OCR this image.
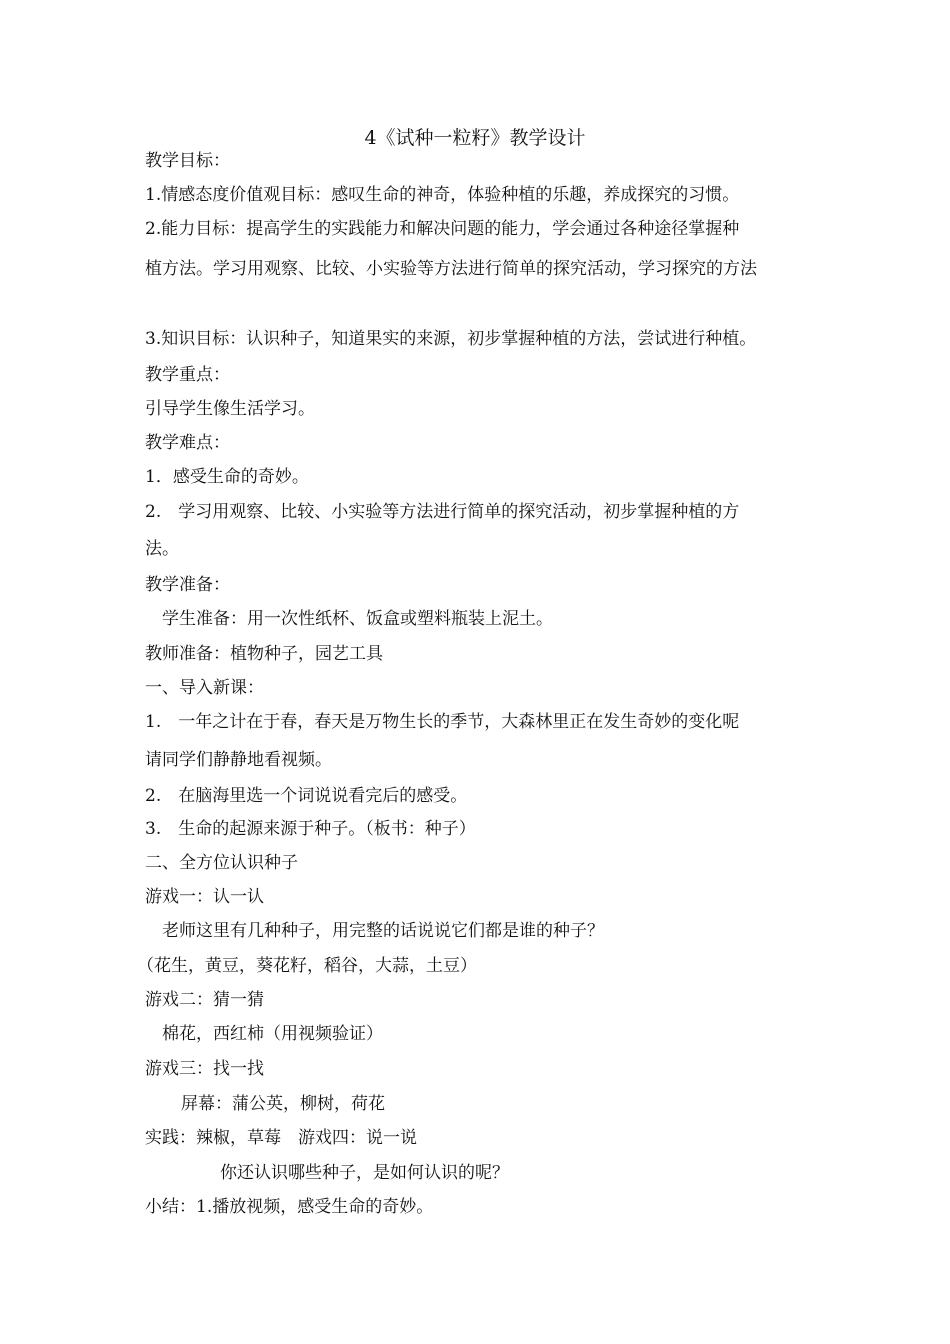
4《试种一粒籽》教学设计
教学目标：
1.情感态度价值观目标：感叹生命的神奇，体验种植的乐趣，养成探究的习惯。
2.能力目标：提高学生的实践能力和解决问题的能力，学会通过各种途径掌握种
植方法。学习用观察、比较、小实验等方法进行简单的探究活动，学习探究的方法
3.知识目标：认识种子，知道果实的来源，初步掌握种植的方法，尝试进行种植。
教学重点：
引导学生像生活学习。
教学难点：
1．感受生命的奇妙。
2.　学习用观察、比较、小实验等方法进行简单的探究活动，初步掌握种植的方
法。
教学准备：
学生准备：用一次性纸杯、饭盒或塑料瓶装上泥土。
教师准备：植物种子，园艺工具
一、导入新课：
1.　一年之计在于春，春天是万物生长的季节，大森林里正在发生奇妙的变化呢
请同学们静静地看视频。
2.　在脑海里选一个词说说看完后的感受。
3.　生命的起源来源于种子。（板书：种子）
二、全方位认识种子
游戏一：认一认
老师这里有几种种子，用完整的话说说它们都是谁的种子？
（花生，黄豆，葵花籽，稻谷，大蒜，土豆）
游戏二：猜一猜
棉花，西红柿（用视频验证）
游戏三：找一找
屏幕：蒲公英，柳树，荷花
实践：辣椒，草莓　游戏四：说一说
你还认识哪些种子，是如何认识的呢？
小结：1.播放视频，感受生命的奇妙。
